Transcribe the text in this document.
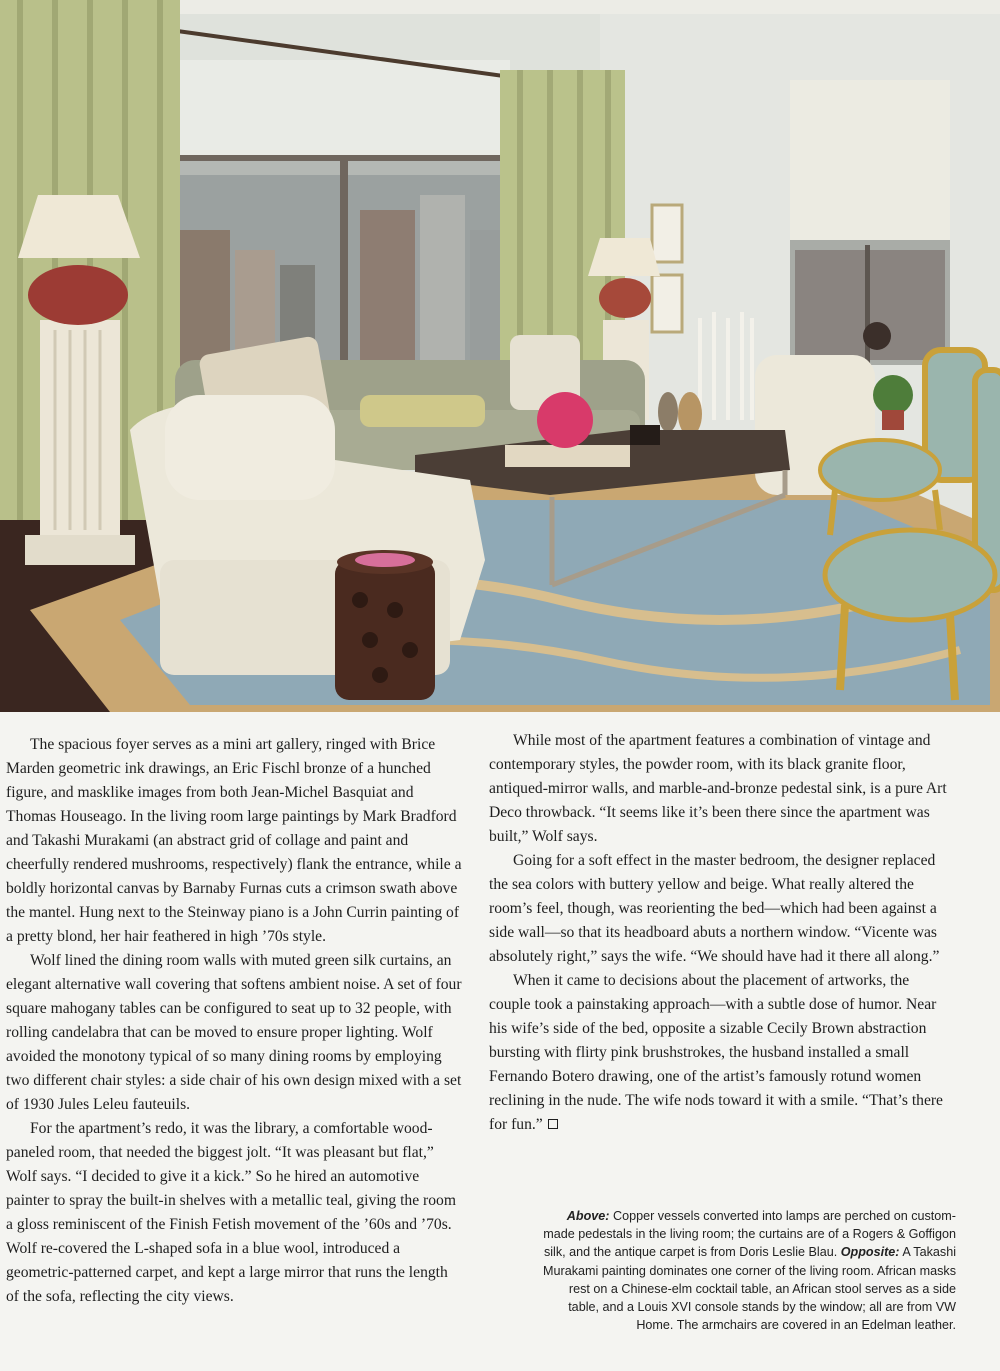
The spacious foyer serves as a mini art gallery, ringed with Brice Marden geometric ink drawings, an Eric Fischl bronze of a hunched figure, and masklike images from both Jean-Michel Basquiat and Thomas Houseago. In the living room large paintings by Mark Bradford and Takashi Murakami (an abstract grid of collage and paint and cheerfully rendered mushrooms, respectively) flank the entrance, while a boldly horizontal canvas by Barnaby Furnas cuts a crimson swath above the mantel. Hung next to the Steinway piano is a John Currin painting of a pretty blond, her hair feathered in high ’70s style.

Wolf lined the dining room walls with muted green silk curtains, an elegant alternative wall covering that softens ambient noise. A set of four square mahogany tables can be configured to seat up to 32 people, with rolling candelabra that can be moved to ensure proper lighting. Wolf avoided the monotony typical of so many dining rooms by employing two different chair styles: a side chair of his own design mixed with a set of 1930 Jules Leleu fauteuils.

For the apartment’s redo, it was the library, a comfortable wood-paneled room, that needed the biggest jolt. “It was pleasant but flat,” Wolf says. “I decided to give it a kick.” So he hired an automotive painter to spray the built-in shelves with a metallic teal, giving the room a gloss reminiscent of the Finish Fetish movement of the ’60s and ’70s. Wolf re-covered the L-shaped sofa in a blue wool, introduced a geometric-patterned carpet, and kept a large mirror that runs the length of the sofa, reflecting the city views.

While most of the apartment features a combination of vintage and contemporary styles, the powder room, with its black granite floor, antiqued-mirror walls, and marble-and-bronze pedestal sink, is a pure Art Deco throwback. “It seems like it’s been there since the apartment was built,” Wolf says.

Going for a soft effect in the master bedroom, the designer replaced the sea colors with buttery yellow and beige. What really altered the room’s feel, though, was reorienting the bed—which had been against a side wall—so that its headboard abuts a northern window. “Vicente was absolutely right,” says the wife. “We should have had it there all along.”

When it came to decisions about the placement of artworks, the couple took a painstaking approach—with a subtle dose of humor. Near his wife’s side of the bed, opposite a sizable Cecily Brown abstraction bursting with flirty pink brushstrokes, the husband installed a small Fernando Botero drawing, one of the artist’s famously rotund women reclining in the nude. The wife nods toward it with a smile. “That’s there for fun.”

Above: Copper vessels converted into lamps are perched on custom-made pedestals in the living room; the curtains are of a Rogers & Goffigon silk, and the antique carpet is from Doris Leslie Blau. Opposite: A Takashi Murakami painting dominates one corner of the living room. African masks rest on a Chinese-elm cocktail table, an African stool serves as a side table, and a Louis XVI console stands by the window; all are from VW Home. The armchairs are covered in an Edelman leather.
